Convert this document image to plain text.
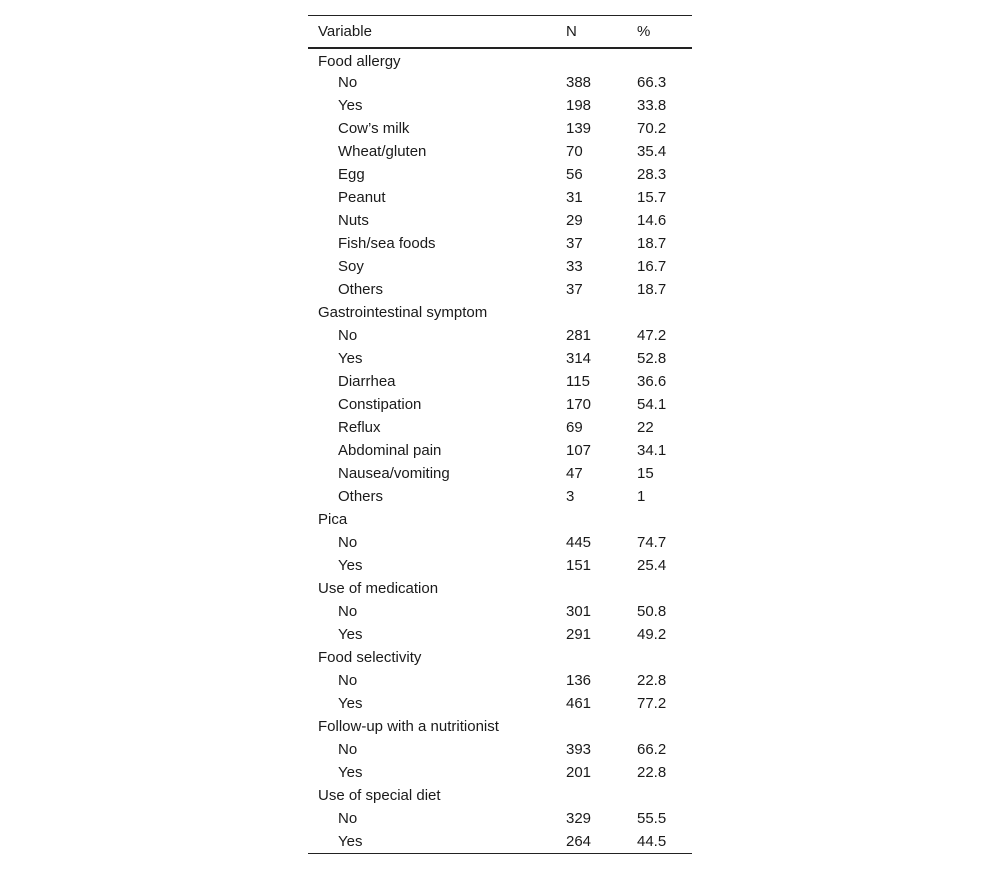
Variable	N	%
Food allergy		
No	388	66.3
Yes	198	33.8
Cow’s milk	139	70.2
Wheat/gluten	70	35.4
Egg	56	28.3
Peanut	31	15.7
Nuts	29	14.6
Fish/sea foods	37	18.7
Soy	33	16.7
Others	37	18.7
Gastrointestinal symptom		
No	281	47.2
Yes	314	52.8
Diarrhea	115	36.6
Constipation	170	54.1
Reflux	69	22
Abdominal pain	107	34.1
Nausea/vomiting	47	15
Others	3	1
Pica		
No	445	74.7
Yes	151	25.4
Use of medication		
No	301	50.8
Yes	291	49.2
Food selectivity		
No	136	22.8
Yes	461	77.2
Follow-up with a nutritionist		
No	393	66.2
Yes	201	22.8
Use of special diet		
No	329	55.5
Yes	264	44.5
